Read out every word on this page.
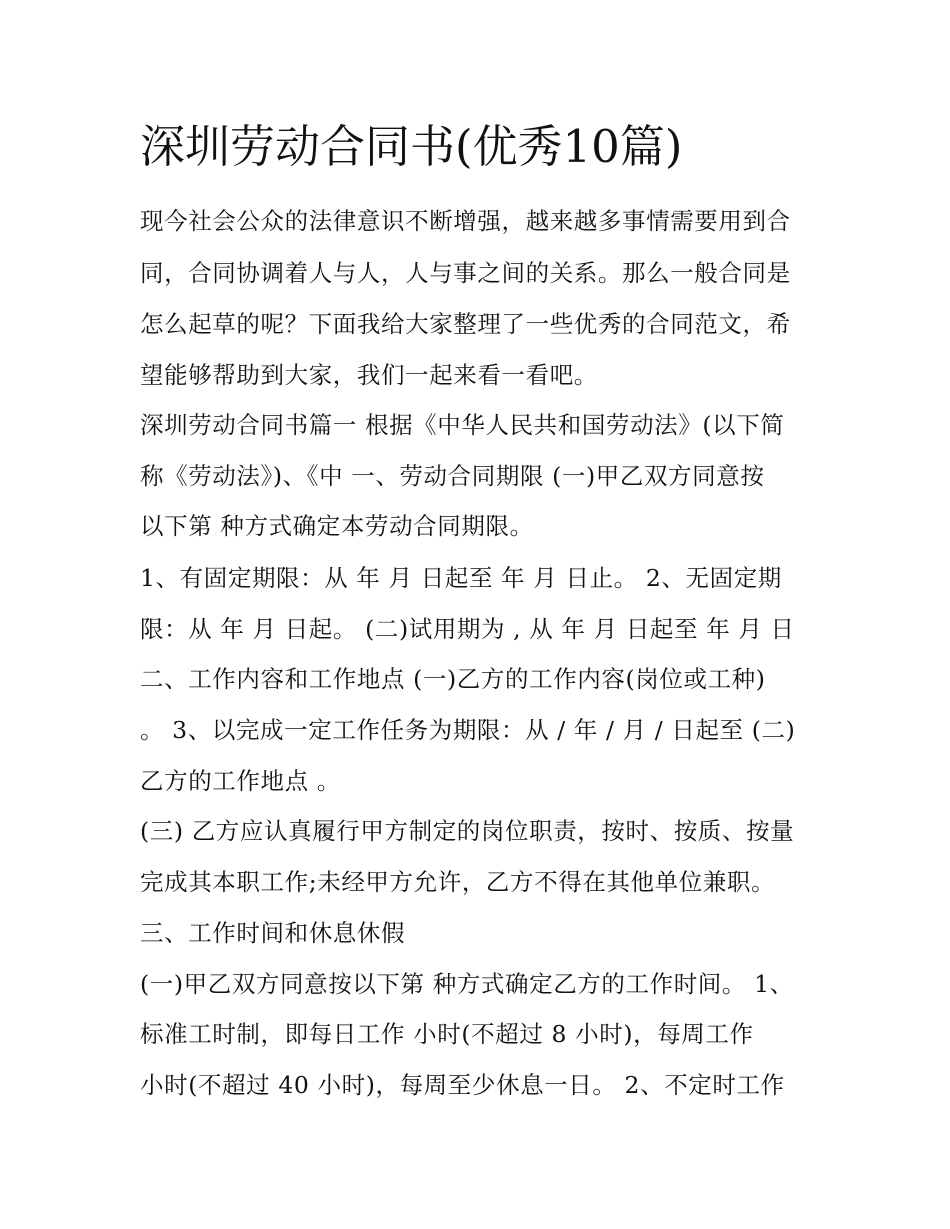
深圳劳动合同书(优秀10篇)

现今社会公众的法律意识不断增强，越来越多事情需要用到合

同，合同协调着人与人，人与事之间的关系。那么一般合同是

怎么起草的呢？下面我给大家整理了一些优秀的合同范文，希

望能够帮助到大家，我们一起来看一看吧。

深圳劳动合同书篇一 根据《中华人民共和国劳动法》(以下简

称《劳动法》)、《中 一、劳动合同期限 (一)甲乙双方同意按

以下第 种方式确定本劳动合同期限。

1、有固定期限：从 年 月 日起至 年 月 日止。 2、无固定期

限：从 年 月 日起。 (二)试用期为 , 从 年 月 日起至 年 月 日

二、工作内容和工作地点 (一)乙方的工作内容(岗位或工种)

。 3、以完成一定工作任务为期限：从 / 年 / 月 / 日起至 (二)

乙方的工作地点 。

(三) 乙方应认真履行甲方制定的岗位职责，按时、按质、按量

完成其本职工作;未经甲方允许，乙方不得在其他单位兼职。

三、工作时间和休息休假

(一)甲乙双方同意按以下第 种方式确定乙方的工作时间。 1、

标准工时制，即每日工作 小时(不超过 8 小时)，每周工作

小时(不超过 40 小时)，每周至少休息一日。 2、不定时工作
